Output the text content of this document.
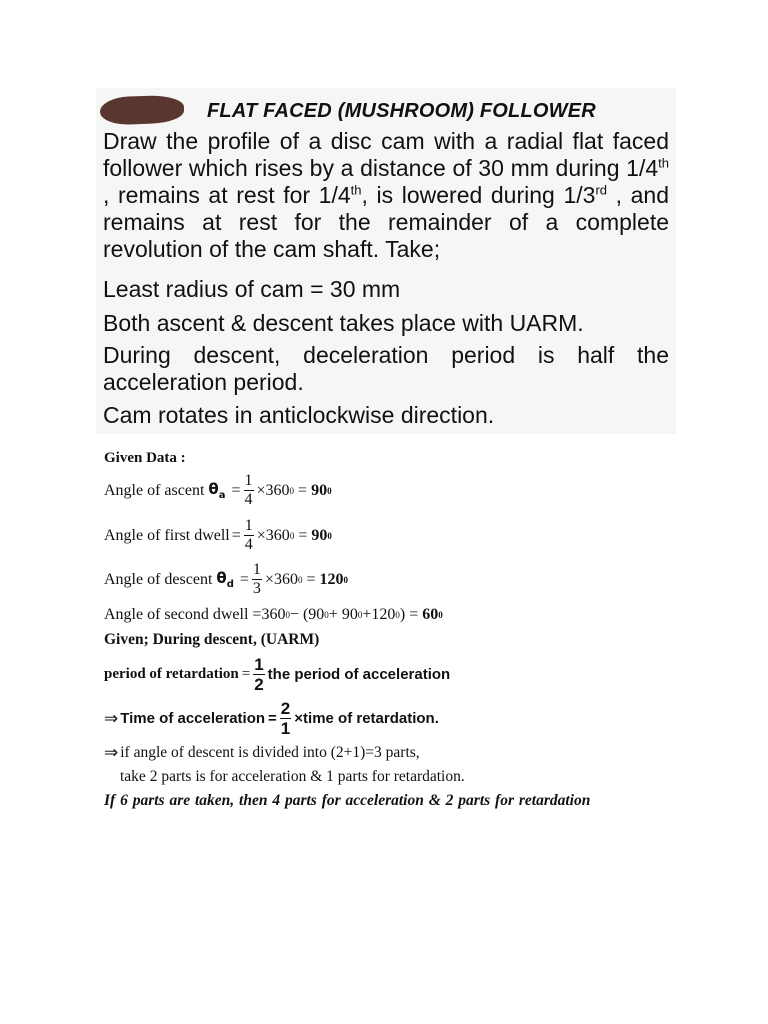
FLAT FACED (MUSHROOM) FOLLOWER

Draw the profile of a disc cam with a radial flat faced follower which rises by a distance of 30 mm during 1/4th , remains at rest for 1/4th, is lowered during 1/3rd , and remains at rest for the remainder of a complete revolution of the cam shaft. Take;

Least radius of cam = 30 mm

Both ascent & descent takes place with UARM.

During descent, deceleration period is half the

acceleration period.

Cam rotates in anticlockwise direction.

Given Data :
Angle of ascent $\theta_a = \frac{1}{4} \times 360$ 0 = 90 0
Angle of first dwell = $\frac{1}{4} \times 360$ 0 = 90 0
Angle of descent $\theta_d = \frac{1}{3} \times 360$ 0 = 120 0
Angle of second dwell = 360 0 − (90 0 + 90 0 +120 0 ) = 60 0
Given; During descent, (UARM)
period of retardation = $\frac{1}{2}$ the period of acceleration
⇒ Time of acceleration = $\frac{2}{1}$ ×time of retardation.
⇒ if angle of descent is divided into (2+1)=3 parts,
take 2 parts is for acceleration & 1 parts for retardation.
If 6 parts are taken, then 4 parts for acceleration & 2 parts for retardation
